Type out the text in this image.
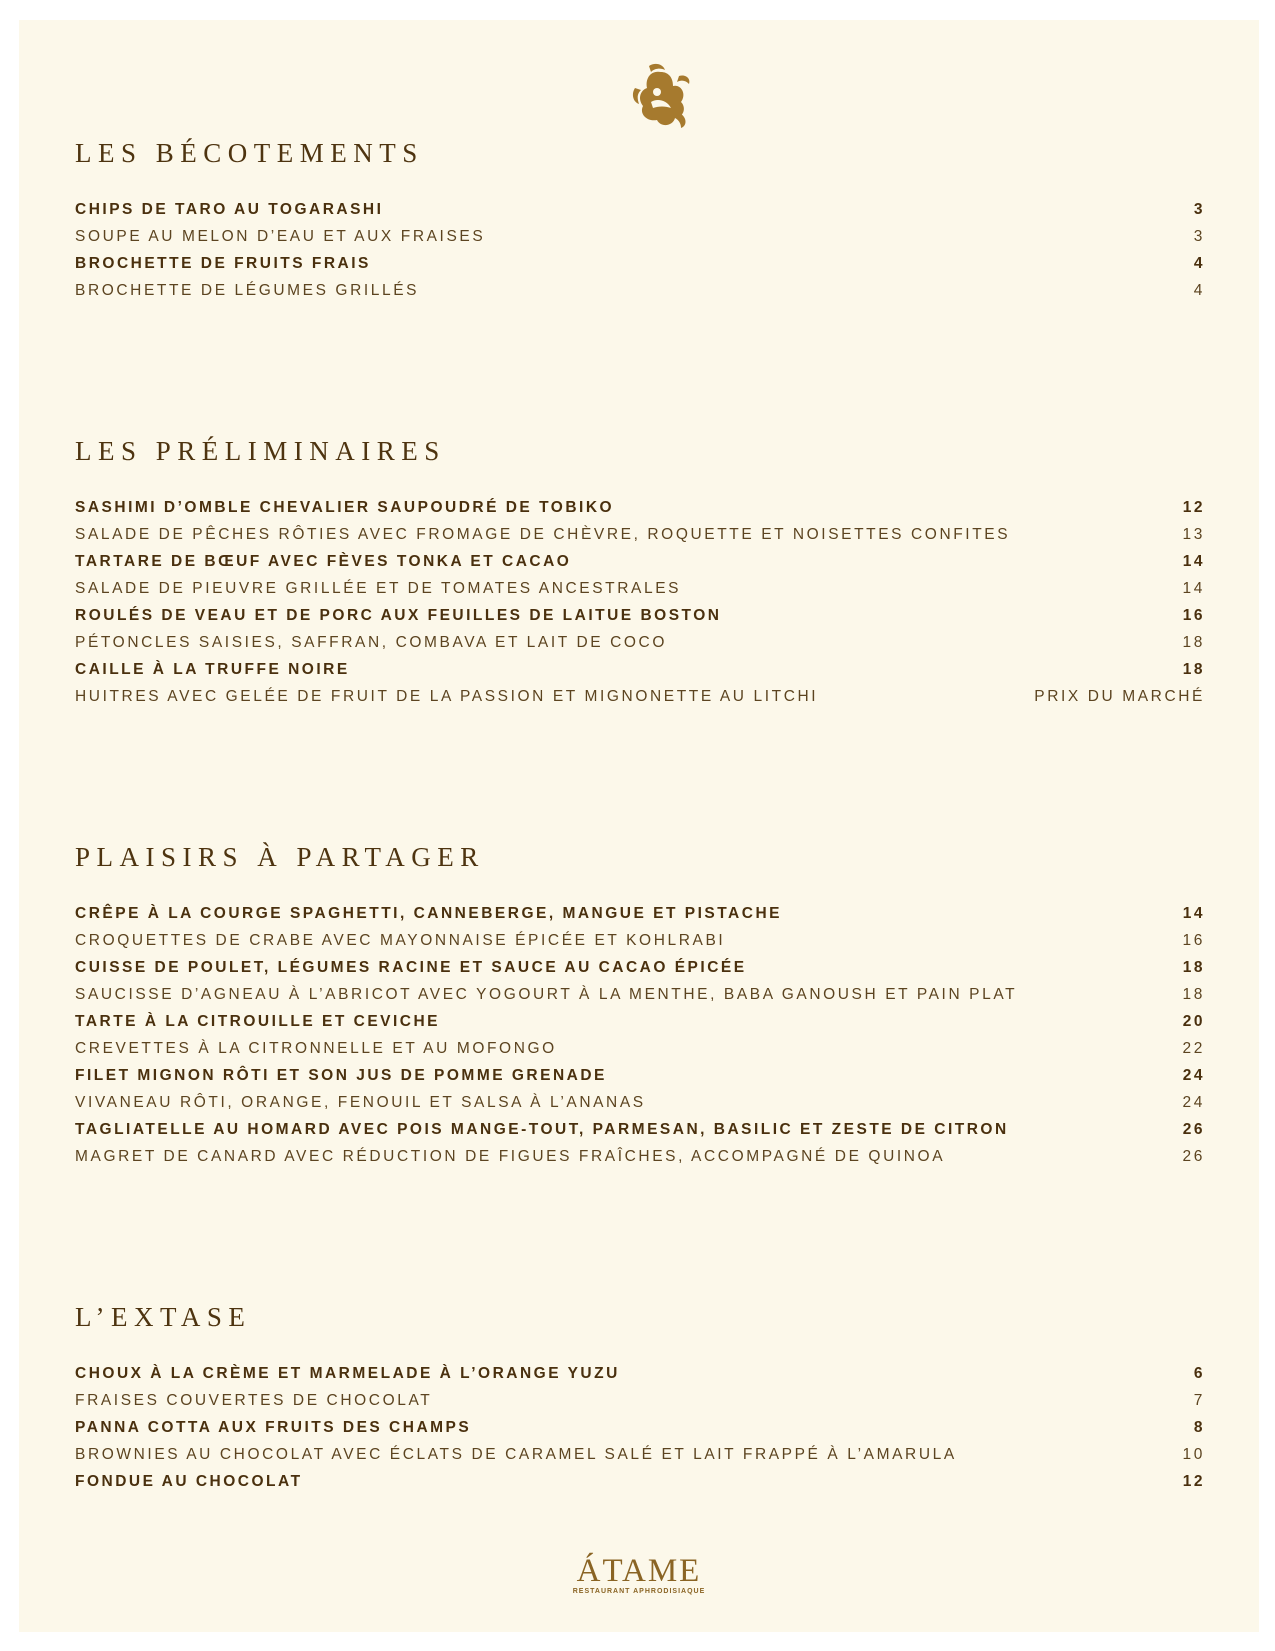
LES BÉCOTEMENTS
CHIPS DE TARO AU TOGARASHI	3
SOUPE AU MELON D’EAU ET AUX FRAISES	3
BROCHETTE DE FRUITS FRAIS	4
BROCHETTE DE LÉGUMES GRILLÉS	4
LES PRÉLIMINAIRES
SASHIMI D’OMBLE CHEVALIER SAUPOUDRÉ DE TOBIKO	12
SALADE DE PÊCHES RÔTIES AVEC FROMAGE DE CHÈVRE, ROQUETTE ET NOISETTES CONFITES	13
TARTARE DE BŒUF AVEC FÈVES TONKA ET CACAO	14
SALADE DE PIEUVRE GRILLÉE ET DE TOMATES ANCESTRALES	14
ROULÉS DE VEAU ET DE PORC AUX FEUILLES DE LAITUE BOSTON	16
PÉTONCLES SAISIES, SAFFRAN, COMBAVA ET LAIT DE COCO	18
CAILLE À LA TRUFFE NOIRE	18
HUITRES AVEC GELÉE DE FRUIT DE LA PASSION ET MIGNONETTE AU LITCHI	PRIX DU MARCHÉ
PLAISIRS À PARTAGER
CRÊPE À LA COURGE SPAGHETTI, CANNEBERGE, MANGUE ET PISTACHE	14
CROQUETTES DE CRABE AVEC MAYONNAISE ÉPICÉE ET KOHLRABI	16
CUISSE DE POULET, LÉGUMES RACINE ET SAUCE AU CACAO ÉPICÉE	18
SAUCISSE D’AGNEAU À L’ABRICOT AVEC YOGOURT À LA MENTHE, BABA GANOUSH ET PAIN PLAT	18
TARTE À LA CITROUILLE ET CEVICHE	20
CREVETTES À LA CITRONNELLE ET AU MOFONGO	22
FILET MIGNON RÔTI ET SON JUS DE POMME GRENADE	24
VIVANEAU RÔTI, ORANGE, FENOUIL ET SALSA À L’ANANAS	24
TAGLIATELLE AU HOMARD AVEC POIS MANGE-TOUT, PARMESAN, BASILIC ET ZESTE DE CITRON	26
MAGRET DE CANARD AVEC RÉDUCTION DE FIGUES FRAÎCHES, ACCOMPAGNÉ DE QUINOA	26
L’EXTASE
CHOUX À LA CRÈME ET MARMELADE À L’ORANGE YUZU	6
FRAISES COUVERTES DE CHOCOLAT	7
PANNA COTTA AUX FRUITS DES CHAMPS	8
BROWNIES AU CHOCOLAT AVEC ÉCLATS DE CARAMEL SALÉ ET LAIT FRAPPÉ À L’AMARULA	10
FONDUE AU CHOCOLAT	12
ÁTAME
RESTAURANT APHRODISIAQUE
